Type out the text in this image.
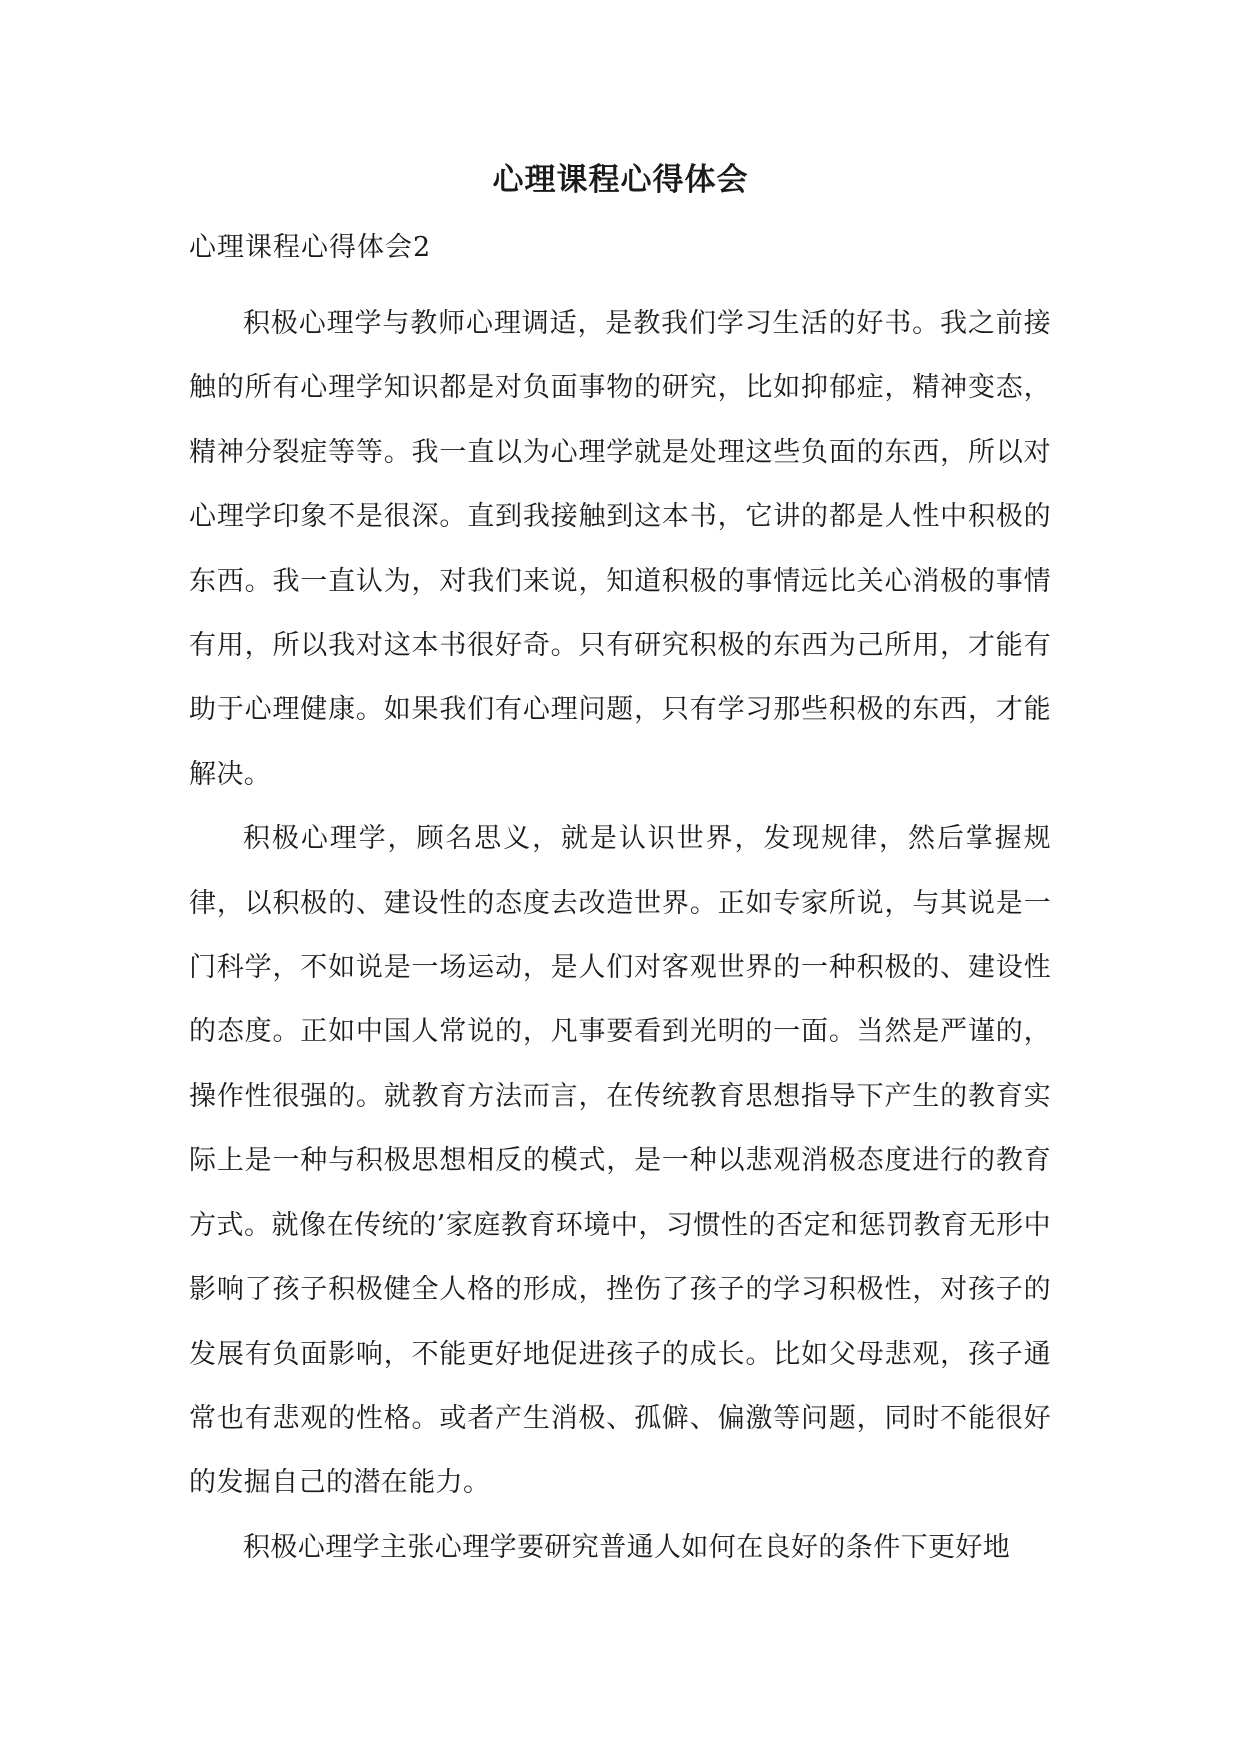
心理课程心得体会

心理课程心得体会2

积极心理学与教师心理调适，是教我们学习生活的好书。我之前接触的所有心理学知识都是对负面事物的研究，比如抑郁症，精神变态，精神分裂症等等。我一直以为心理学就是处理这些负面的东西，所以对心理学印象不是很深。直到我接触到这本书，它讲的都是人性中积极的东西。我一直认为，对我们来说，知道积极的事情远比关心消极的事情有用，所以我对这本书很好奇。只有研究积极的东西为己所用，才能有助于心理健康。如果我们有心理问题，只有学习那些积极的东西，才能解决。

积极心理学，顾名思义，就是认识世界，发现规律，然后掌握规律，以积极的、建设性的态度去改造世界。正如专家所说，与其说是一门科学，不如说是一场运动，是人们对客观世界的一种积极的、建设性的态度。正如中国人常说的，凡事要看到光明的一面。当然是严谨的，操作性很强的。就教育方法而言，在传统教育思想指导下产生的教育实际上是一种与积极思想相反的模式，是一种以悲观消极态度进行的教育方式。就像在传统的’家庭教育环境中，习惯性的否定和惩罚教育无形中影响了孩子积极健全人格的形成，挫伤了孩子的学习积极性，对孩子的发展有负面影响，不能更好地促进孩子的成长。比如父母悲观，孩子通常也有悲观的性格。或者产生消极、孤僻、偏激等问题，同时不能很好的发掘自己的潜在能力。

积极心理学主张心理学要研究普通人如何在良好的条件下更好地
